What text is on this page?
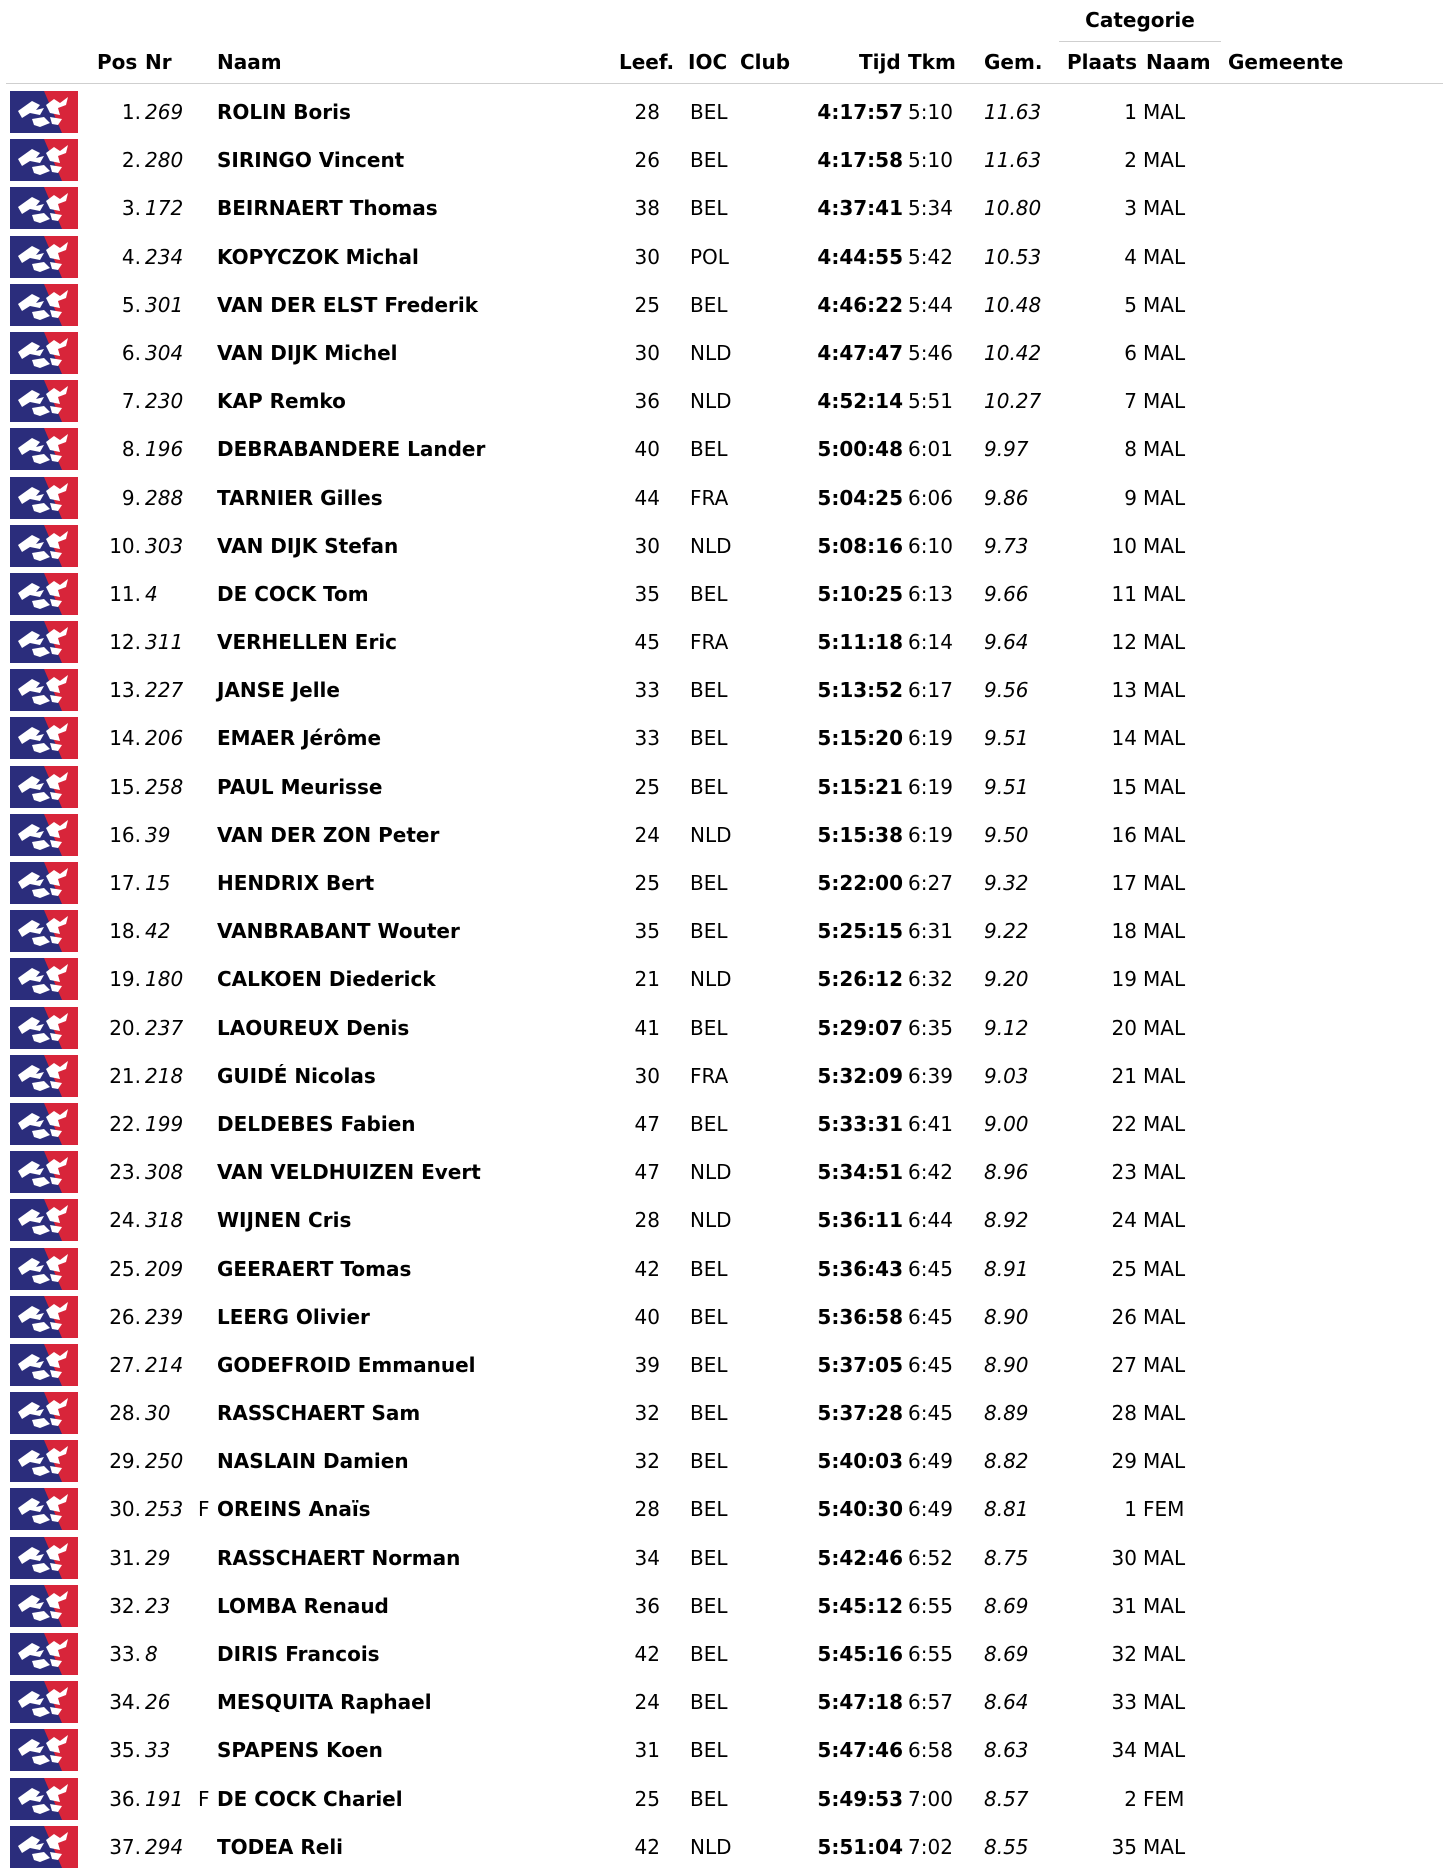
Categorie
Pos Nr Naam	Leef. IOC Club	Tijd Tkm Gem. Plaats Naam Gemeente
1. 269 ROLIN Boris	28 BEL	4:17:57 5:10 11.63	1 MAL
2. 280 SIRINGO Vincent	26 BEL	4:17:58 5:10 11.63	2 MAL
3. 172 BEIRNAERT Thomas	38 BEL	4:37:41 5:34 10.80	3 MAL
4. 234 KOPYCZOK Michal	30 POL	4:44:55 5:42 10.53	4 MAL
5. 301 VAN DER ELST Frederik	25 BEL	4:46:22 5:44 10.48	5 MAL
6. 304 VAN DIJK Michel	30 NLD	4:47:47 5:46 10.42	6 MAL
7. 230 KAP Remko	36 NLD	4:52:14 5:51 10.27	7 MAL
8. 196 DEBRABANDERE Lander	40 BEL	5:00:48 6:01 9.97	8 MAL
9. 288 TARNIER Gilles	44 FRA	5:04:25 6:06 9.86	9 MAL
10. 303 VAN DIJK Stefan	30 NLD	5:08:16 6:10 9.73	10 MAL
11. 4	DE COCK Tom	35 BEL	5:10:25 6:13 9.66	11 MAL
12. 311 VERHELLEN Eric	45 FRA	5:11:18 6:14 9.64	12 MAL
13. 227 JANSE Jelle	33 BEL	5:13:52 6:17 9.56	13 MAL
14. 206 EMAER Jérôme	33 BEL	5:15:20 6:19 9.51	14 MAL
15. 258 PAUL Meurisse	25 BEL	5:15:21 6:19 9.51	15 MAL
16. 39 VAN DER ZON Peter	24 NLD	5:15:38 6:19 9.50	16 MAL
17. 15 HENDRIX Bert	25 BEL	5:22:00 6:27 9.32	17 MAL
18. 42 VANBRABANT Wouter	35 BEL	5:25:15 6:31 9.22	18 MAL
19. 180 CALKOEN Diederick	21 NLD	5:26:12 6:32 9.20	19 MAL
20. 237 LAOUREUX Denis	41 BEL	5:29:07 6:35 9.12	20 MAL
21. 218 GUIDÉ Nicolas	30 FRA	5:32:09 6:39 9.03	21 MAL
22. 199 DELDEBES Fabien	47 BEL	5:33:31 6:41 9.00	22 MAL
23. 308 VAN VELDHUIZEN Evert	47 NLD	5:34:51 6:42 8.96	23 MAL
24. 318 WIJNEN Cris	28 NLD	5:36:11 6:44 8.92	24 MAL
25. 209 GEERAERT Tomas	42 BEL	5:36:43 6:45 8.91	25 MAL
26. 239 LEERG Olivier	40 BEL	5:36:58 6:45 8.90	26 MAL
27. 214 GODEFROID Emmanuel	39 BEL	5:37:05 6:45 8.90	27 MAL
28. 30 RASSCHAERT Sam	32 BEL	5:37:28 6:45 8.89	28 MAL
29. 250 NASLAIN Damien	32 BEL	5:40:03 6:49 8.82	29 MAL
30. 253 F OREINS Anaïs	28 BEL	5:40:30 6:49 8.81	1 FEM
31. 29 RASSCHAERT Norman	34 BEL	5:42:46 6:52 8.75	30 MAL
32. 23 LOMBA Renaud	36 BEL	5:45:12 6:55 8.69	31 MAL
33. 8	DIRIS Francois	42 BEL	5:45:16 6:55 8.69	32 MAL
34. 26 MESQUITA Raphael	24 BEL	5:47:18 6:57 8.64	33 MAL
35. 33 SPAPENS Koen	31 BEL	5:47:46 6:58 8.63	34 MAL
36. 191 F DE COCK Chariel	25 BEL	5:49:53 7:00 8.57	2 FEM
37. 294 TODEA Reli	42 NLD	5:51:04 7:02 8.55	35 MAL
